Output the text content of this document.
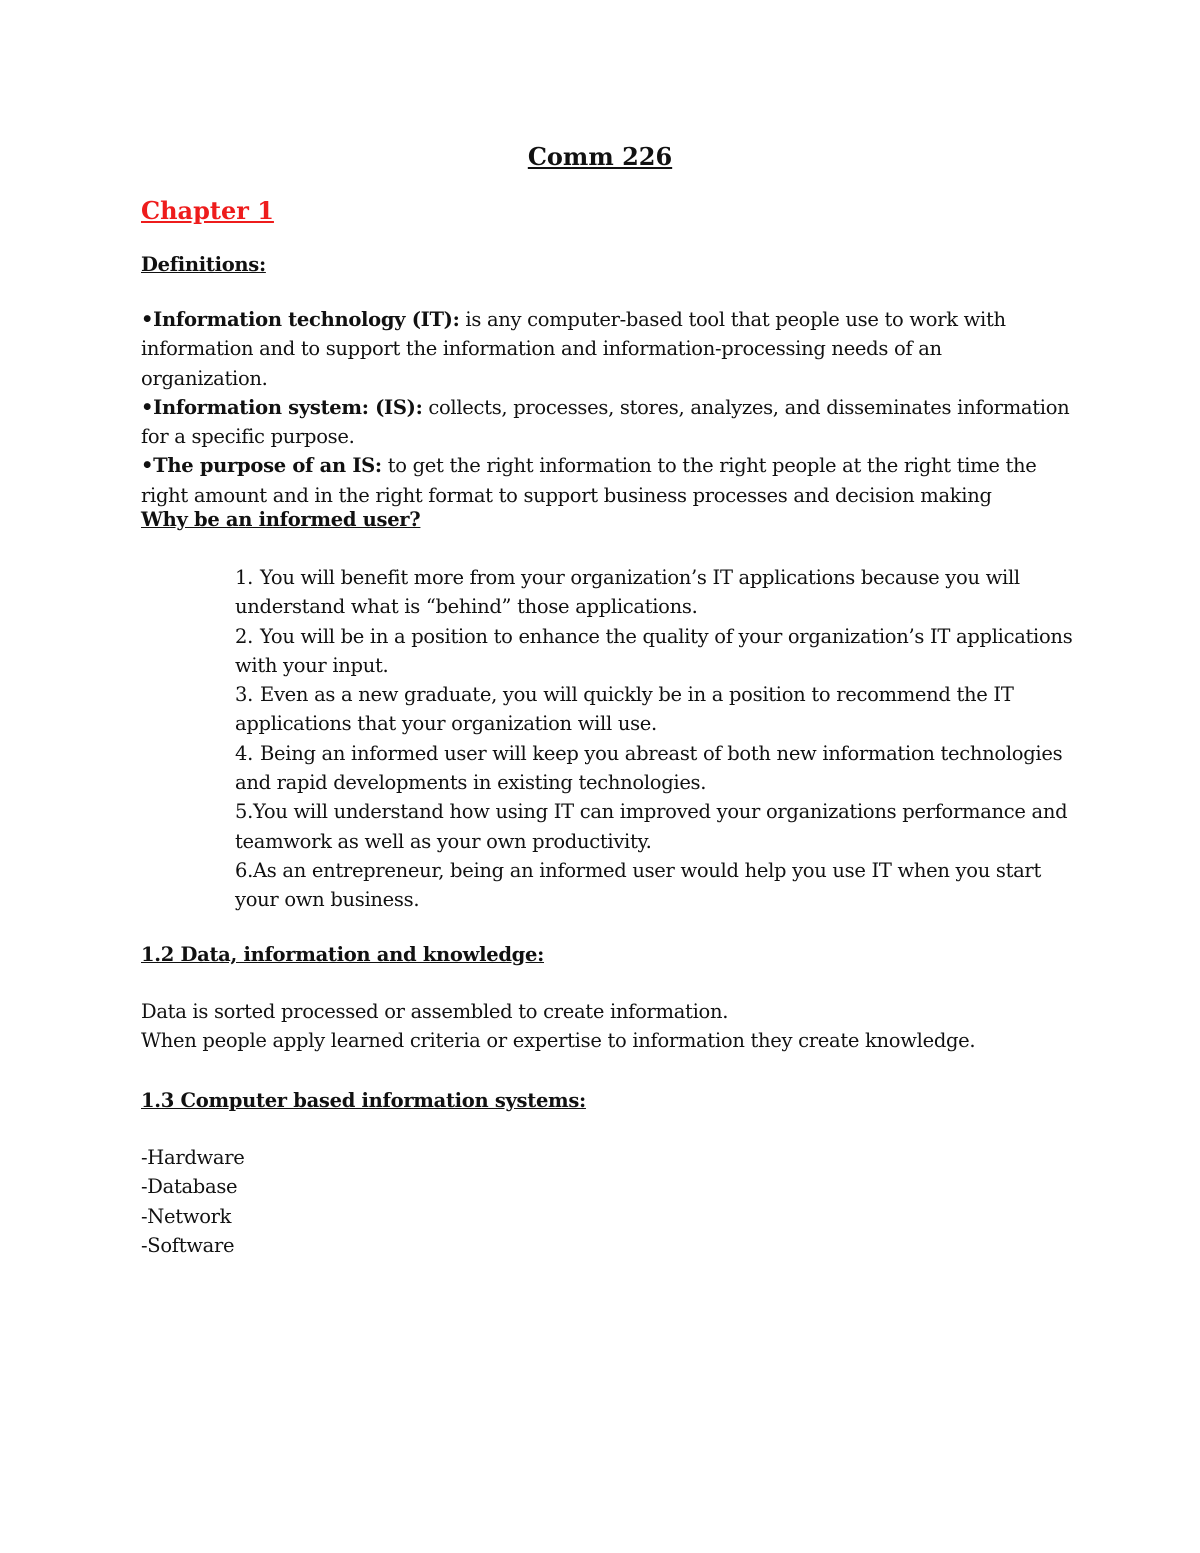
Comm 226
Chapter 1
Definitions:
•Information technology (IT): is any computer-based tool that people use to work with information and to support the information and information-processing needs of an organization.
•Information system: (IS): collects, processes, stores, analyzes, and disseminates information for a specific purpose.
•The purpose of an IS: to get the right information to the right people at the right time the right amount and in the right format to support business processes and decision making
Why be an informed user?
1. You will benefit more from your organization’s IT applications because you will understand what is “behind” those applications.
2. You will be in a position to enhance the quality of your organization’s IT applications with your input.
3. Even as a new graduate, you will quickly be in a position to recommend the IT applications that your organization will use.
4. Being an informed user will keep you abreast of both new information technologies and rapid developments in existing technologies.
5.You will understand how using IT can improved your organizations performance and teamwork as well as your own productivity.
6.As an entrepreneur, being an informed user would help you use IT when you start your own business.
1.2 Data, information and knowledge:
Data is sorted processed or assembled to create information.
When people apply learned criteria or expertise to information they create knowledge.
1.3 Computer based information systems:
-Hardware
-Database
-Network
-Software
